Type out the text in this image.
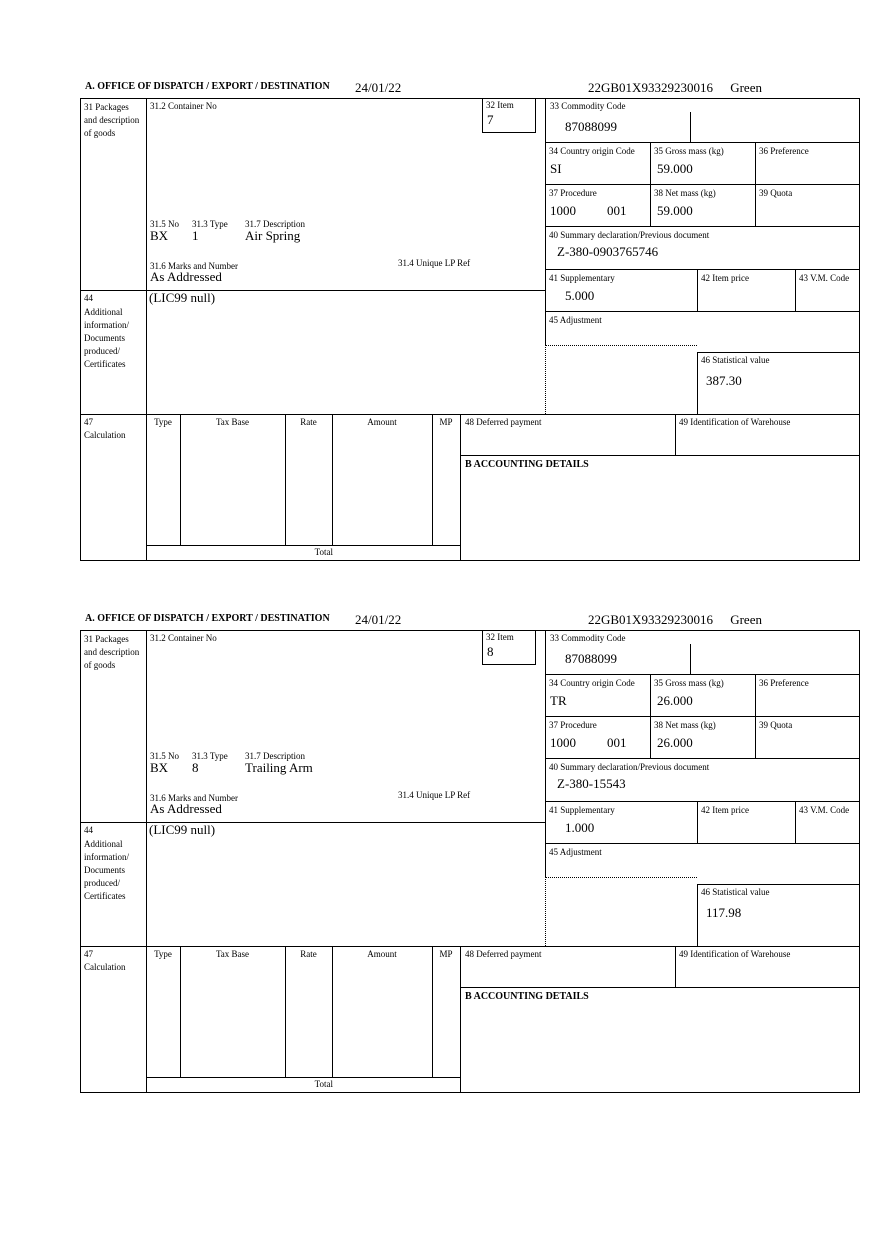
A. OFFICE OF DISPATCH / EXPORT / DESTINATION 24/01/22	22GB01X93329230016 Green
31 Packages and description of goods
44
Additional information/ Documents produced/ Certificates
47
Calculation
31.2 Container No	32 Item
7
31.5 No 31.3 Type 31.7 Description
BX 1	Air Spring
31.6 Marks and Number	31.4 Unique LP Ref
As Addressed
(LIC99 null)
33 Commodity Code
87088099
34 Country origin Code
SI
35 Gross mass (kg)
59.000
36 Preference
37 Procedure
1000 001
38 Net mass (kg)
59.000
39 Quota
40 Summary declaration/Previous document
Z-380-0903765746
41 Supplementary
5.000
42 Item price	43 V.M. Code
45 Adjustment
46 Statistical value
387.30
Type	Tax Base	Rate	Amount	MP
Total
48 Deferred payment	49 Identification of Warehouse
B ACCOUNTING DETAILS
A. OFFICE OF DISPATCH / EXPORT / DESTINATION 24/01/22	22GB01X93329230016 Green
31 Packages and description of goods
44
Additional information/ Documents produced/ Certificates
47
Calculation
31.2 Container No	32 Item
8
31.5 No 31.3 Type 31.7 Description
BX 8	Trailing Arm
31.6 Marks and Number	31.4 Unique LP Ref
As Addressed
(LIC99 null)
33 Commodity Code
87088099
34 Country origin Code
TR
35 Gross mass (kg)
26.000
36 Preference
37 Procedure
1000 001
38 Net mass (kg)
26.000
39 Quota
40 Summary declaration/Previous document
Z-380-15543
41 Supplementary
1.000
42 Item price	43 V.M. Code
45 Adjustment
46 Statistical value
117.98
Type	Tax Base	Rate	Amount	MP
Total
48 Deferred payment	49 Identification of Warehouse
B ACCOUNTING DETAILS
